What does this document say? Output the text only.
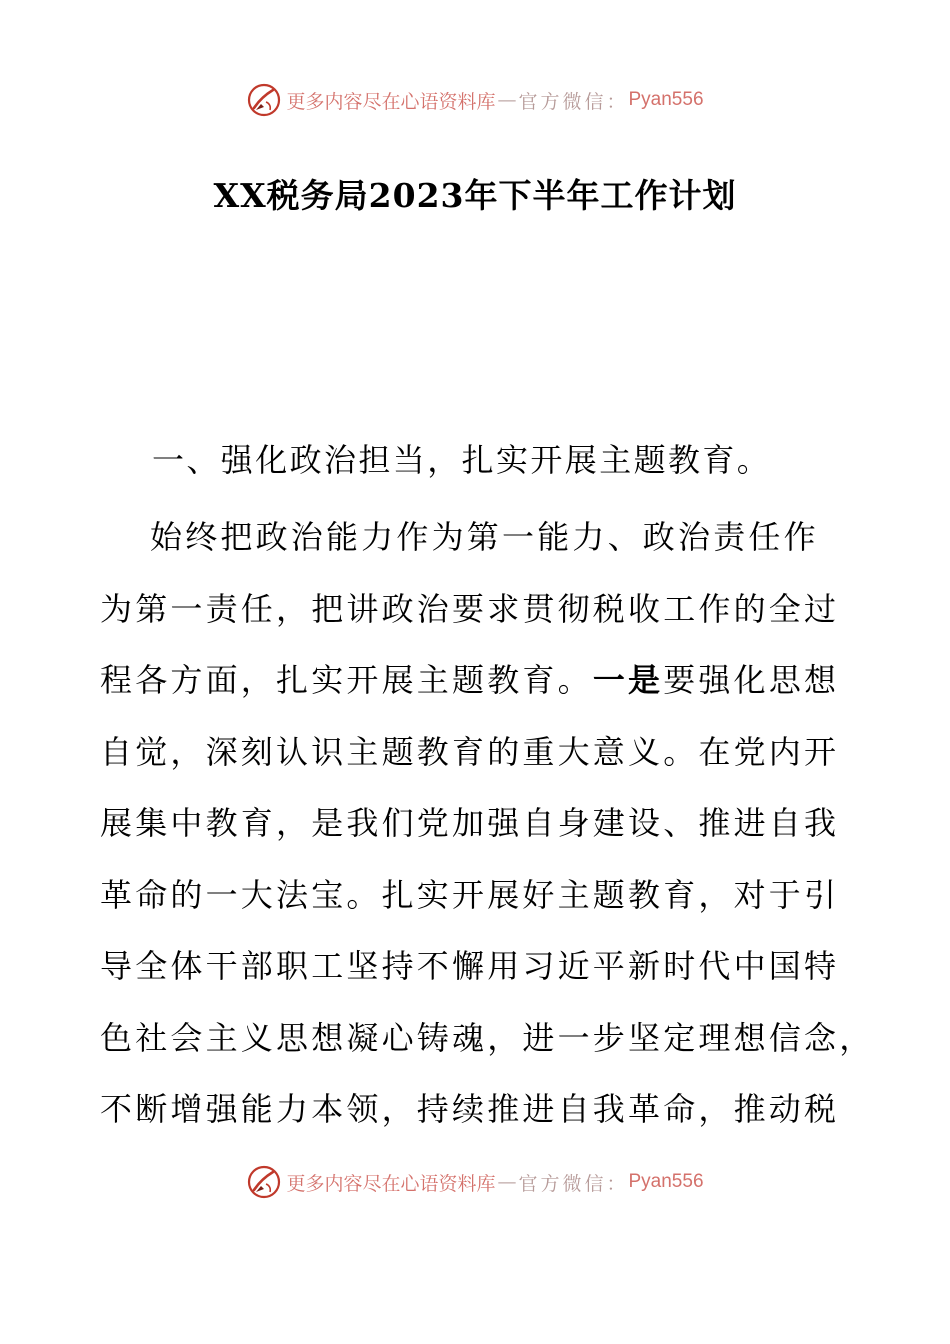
更多内容尽在心语资料库 — 官方微信： Pyan556
XX税务局2023年下半年工作计划
一、强化政治担当，扎实开展主题教育。
始终把政治能力作为第一能力、政治责任作
为第一责任，把讲政治要求贯彻税收工作的全过
程各方面，扎实开展主题教育。一是要强化思想
自觉，深刻认识主题教育的重大意义。在党内开
展集中教育，是我们党加强自身建设、推进自我
革命的一大法宝。扎实开展好主题教育，对于引
导全体干部职工坚持不懈用习近平新时代中国特
色社会主义思想凝心铸魂，进一步坚定理想信念，
不断增强能力本领，持续推进自我革命，推动税
更多内容尽在心语资料库 — 官方微信： Pyan556
